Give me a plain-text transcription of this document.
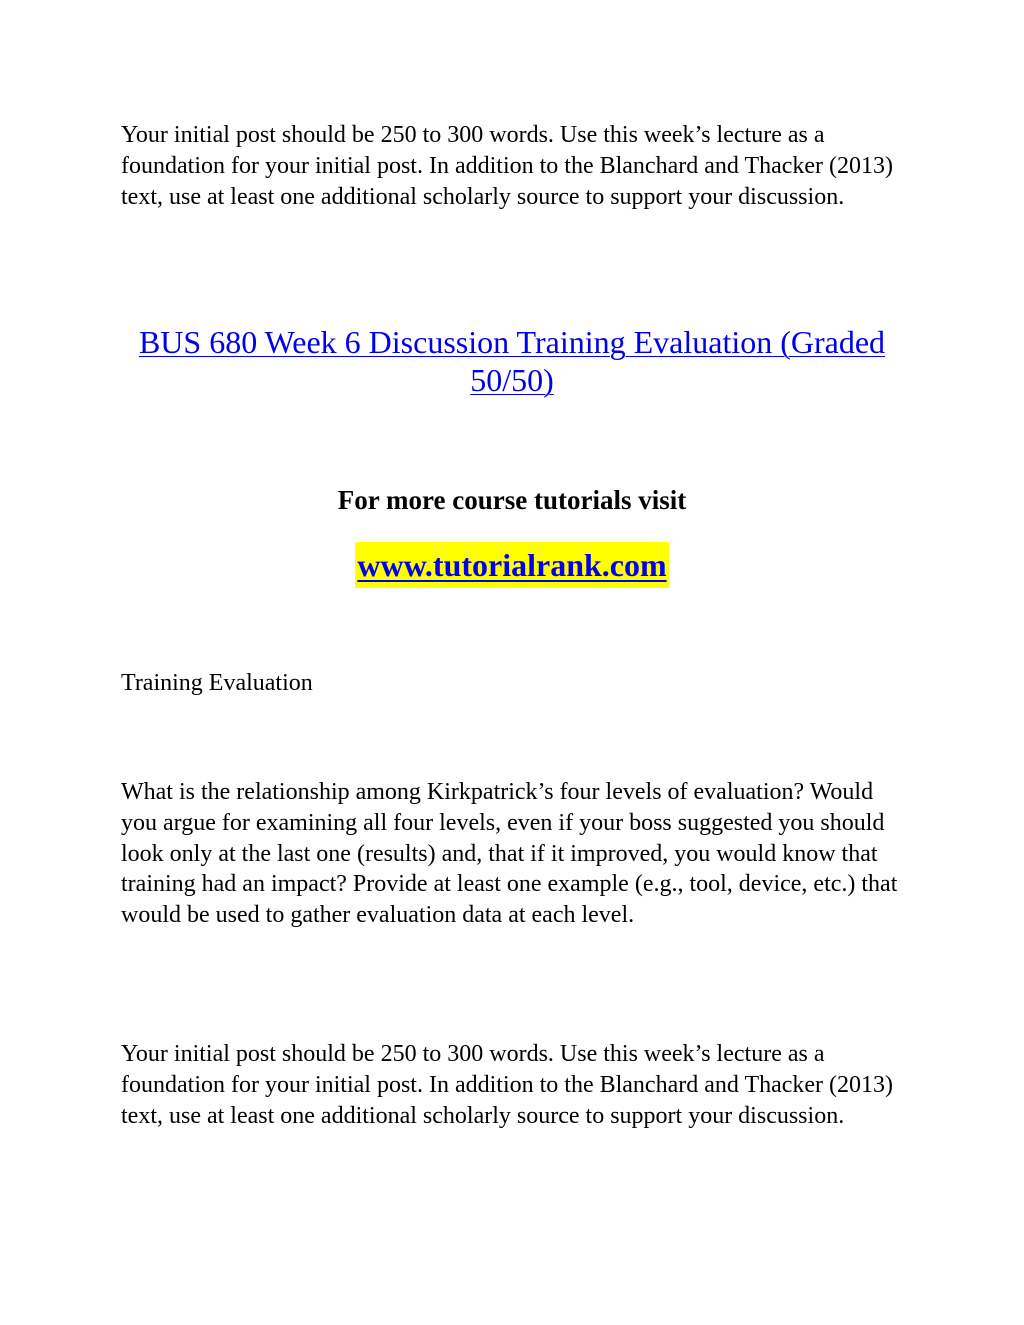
Your initial post should be 250 to 300 words. Use this week’s lecture as a foundation for your initial post. In addition to the Blanchard and Thacker (2013) text, use at least one additional scholarly source to support your discussion.

BUS 680 Week 6 Discussion Training Evaluation (Graded 50/50)

For more course tutorials visit

www.tutorialrank.com

Training Evaluation

What is the relationship among Kirkpatrick’s four levels of evaluation? Would you argue for examining all four levels, even if your boss suggested you should look only at the last one (results) and, that if it improved, you would know that training had an impact? Provide at least one example (e.g., tool, device, etc.) that would be used to gather evaluation data at each level.

Your initial post should be 250 to 300 words. Use this week’s lecture as a foundation for your initial post. In addition to the Blanchard and Thacker (2013) text, use at least one additional scholarly source to support your discussion.
